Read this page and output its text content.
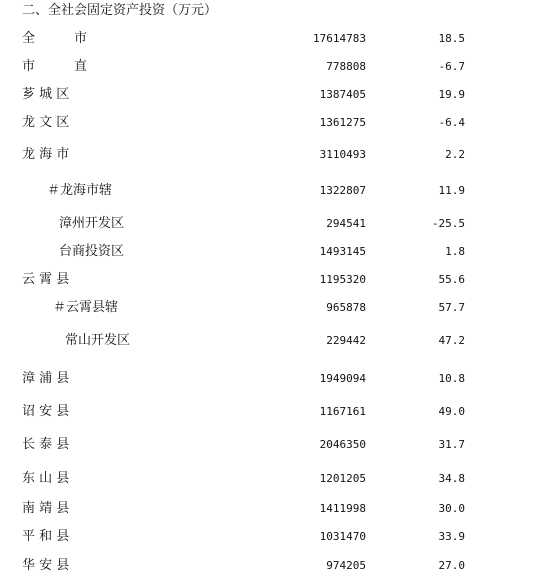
二、全社会固定资产投资（万元）
全　　　市	17614783	18.5
市　　　直	778808	-6.7
芗 城 区	1387405	19.9
龙 文 区	1361275	-6.4
龙 海 市	3110493	2.2
＃龙海市辖	1322807	11.9
漳州开发区	294541	-25.5
台商投资区	1493145	1.8
云 霄 县	1195320	55.6
＃云霄县辖	965878	57.7
常山开发区	229442	47.2
漳 浦 县	1949094	10.8
诏 安 县	1167161	49.0
长 泰 县	2046350	31.7
东 山 县	1201205	34.8
南 靖 县	1411998	30.0
平 和 县	1031470	33.9
华 安 县	974205	27.0
